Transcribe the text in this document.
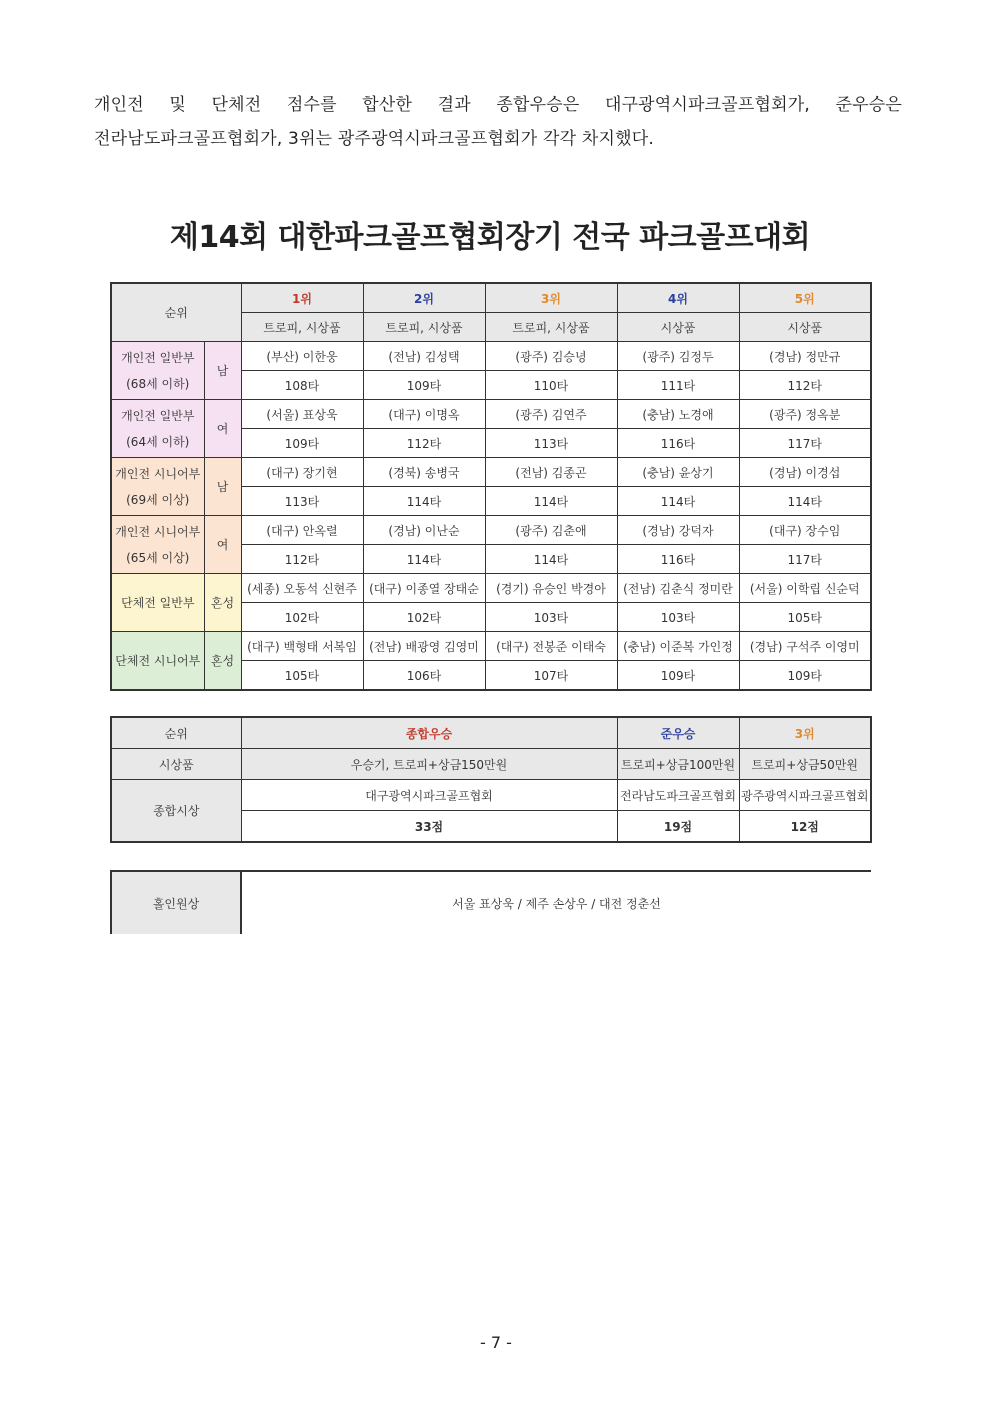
개인전 및 단체전 점수를 합산한 결과 종합우승은 대구광역시파크골프협회가, 준우승은

전라남도파크골프협회가, 3위는 광주광역시파크골프협회가 각각 차지했다.

제14회 대한파크골프협회장기 전국 파크골프대회
순위		1위	2위	3위	4위	5위
		트로피, 시상품	트로피, 시상품	트로피, 시상품	시상품	시상품

개인전 일반부
(68세 이하)	남	(부산) 이한웅	(전남) 김성택	(광주) 김승녕	(광주) 김정두	(경남) 정만규
		108타	109타	110타	111타	112타

개인전 일반부
(64세 이하)	여	(서울) 표상욱	(대구) 이명옥	(광주) 김연주	(충남) 노경애	(광주) 정옥분
		109타	112타	113타	116타	117타

개인전 시니어부
(69세 이상)	남	(대구) 장기현	(경북) 송병국	(전남) 김종곤	(충남) 윤상기	(경남) 이경섭
		113타	114타	114타	114타	114타

개인전 시니어부
(65세 이상)	여	(대구) 안옥렬	(경남) 이난순	(광주) 김춘애	(경남) 강덕자	(대구) 장수임
		112타	114타	114타	116타	117타
단체전 일반부	혼성	(세종) 오동석 신현주	(대구) 이종열 장태순	(경기) 유승인 박경아	(전남) 김춘식 정미란	(서울) 이학립 신순덕
		102타	102타	103타	103타	105타
단체전 시니어부	혼성	(대구) 백형태 서복임	(전남) 배광영 김영미	(대구) 전봉준 이태숙	(충남) 이준복 가인정	(경남) 구석주 이영미
		105타	106타	107타	109타	109타
순위	종합우승	준우승	3위
시상품	우승기, 트로피+상금150만원	트로피+상금100만원	트로피+상금50만원
종합시상	대구광역시파크골프협회	전라남도파크골프협회	광주광역시파크골프협회
	33점	19점	12점
홀인원상	서울 표상욱 / 제주 손상우 / 대전 정춘선
- 7 -
